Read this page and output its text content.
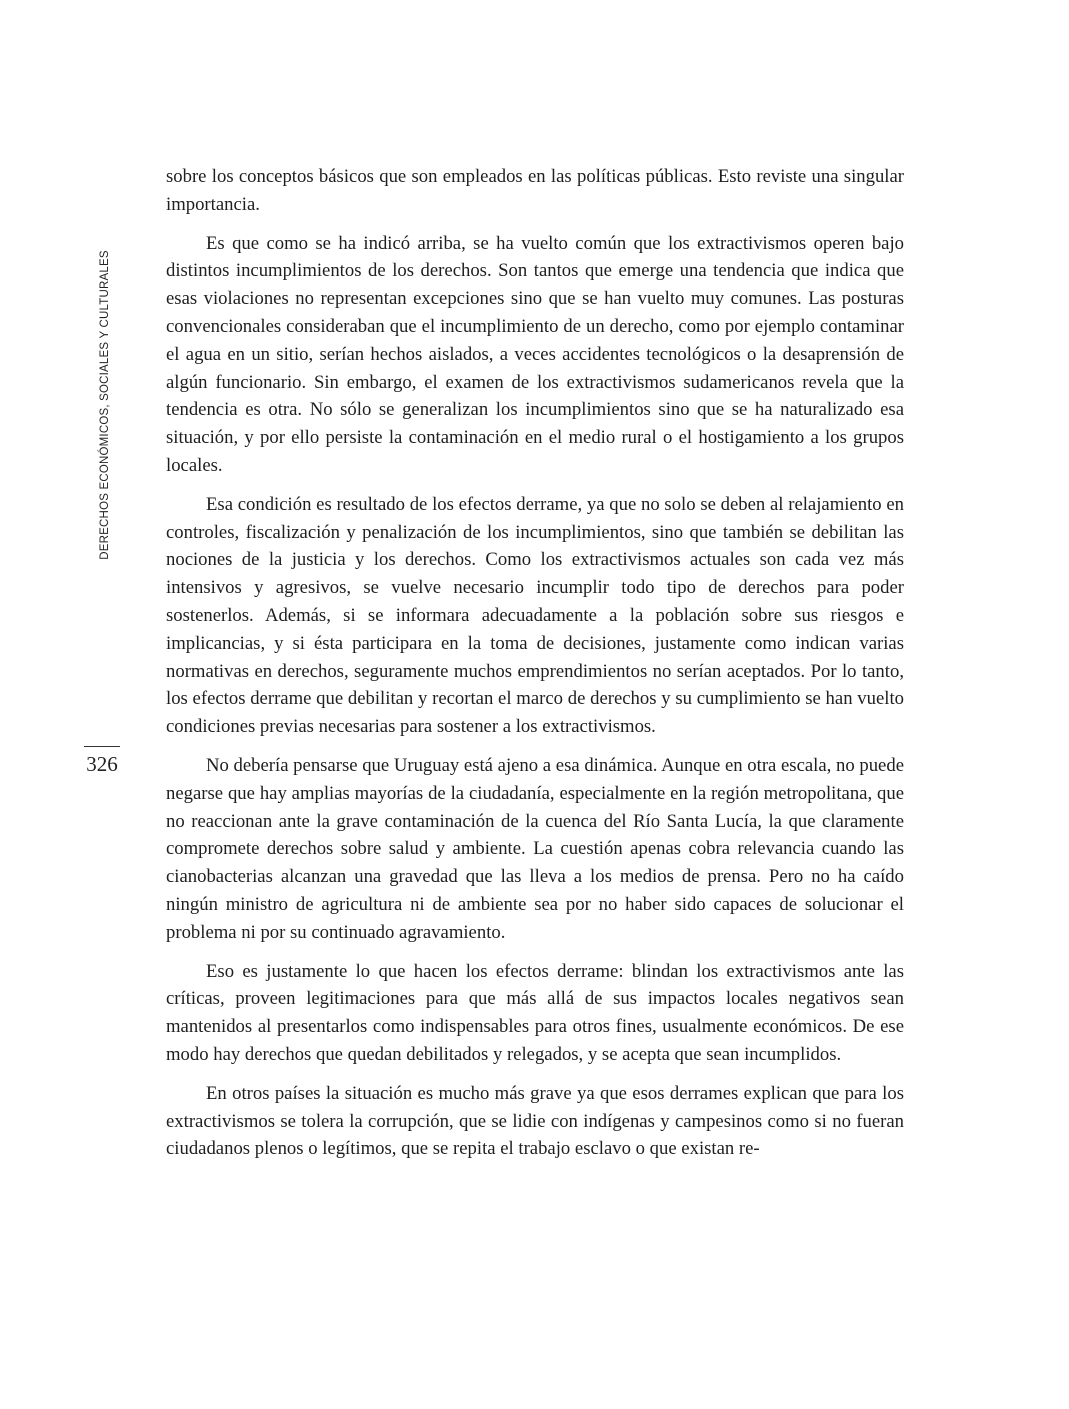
DERECHOS ECONÓMICOS, SOCIALES Y CULTURALES
326

sobre los conceptos básicos que son empleados en las políticas públicas. Esto reviste una singular importancia.

Es que como se ha indicó arriba, se ha vuelto común que los extractivismos operen bajo distintos incumplimientos de los derechos. Son tantos que emerge una tendencia que indica que esas violaciones no representan excepciones sino que se han vuelto muy comunes. Las posturas convencionales consideraban que el incumplimiento de un derecho, como por ejemplo contaminar el agua en un sitio, serían hechos aislados, a veces accidentes tecnológicos o la desaprensión de algún funcionario. Sin embargo, el examen de los extractivismos sudamericanos revela que la tendencia es otra. No sólo se generalizan los incumplimientos sino que se ha naturalizado esa situación, y por ello persiste la contaminación en el medio rural o el hostigamiento a los grupos locales.

Esa condición es resultado de los efectos derrame, ya que no solo se deben al relajamiento en controles, fiscalización y penalización de los incumplimientos, sino que también se debilitan las nociones de la justicia y los derechos. Como los extractivismos actuales son cada vez más intensivos y agresivos, se vuelve necesario incumplir todo tipo de derechos para poder sostenerlos. Además, si se informara adecuadamente a la población sobre sus riesgos e implicancias, y si ésta participara en la toma de decisiones, justamente como indican varias normativas en derechos, seguramente muchos emprendimientos no serían aceptados. Por lo tanto, los efectos derrame que debilitan y recortan el marco de derechos y su cumplimiento se han vuelto condiciones previas necesarias para sostener a los extractivismos.

No debería pensarse que Uruguay está ajeno a esa dinámica. Aunque en otra escala, no puede negarse que hay amplias mayorías de la ciudadanía, especialmente en la región metropolitana, que no reaccionan ante la grave contaminación de la cuenca del Río Santa Lucía, la que claramente compromete derechos sobre salud y ambiente. La cuestión apenas cobra relevancia cuando las cianobacterias alcanzan una gravedad que las lleva a los medios de prensa. Pero no ha caído ningún ministro de agricultura ni de ambiente sea por no haber sido capaces de solucionar el problema ni por su continuado agravamiento.

Eso es justamente lo que hacen los efectos derrame: blindan los extractivismos ante las críticas, proveen legitimaciones para que más allá de sus impactos locales negativos sean mantenidos al presentarlos como indispensables para otros fines, usualmente económicos. De ese modo hay derechos que quedan debilitados y relegados, y se acepta que sean incumplidos.

En otros países la situación es mucho más grave ya que esos derrames explican que para los extractivismos se tolera la corrupción, que se lidie con indígenas y campesinos como si no fueran ciudadanos plenos o legítimos, que se repita el trabajo esclavo o que existan re-
